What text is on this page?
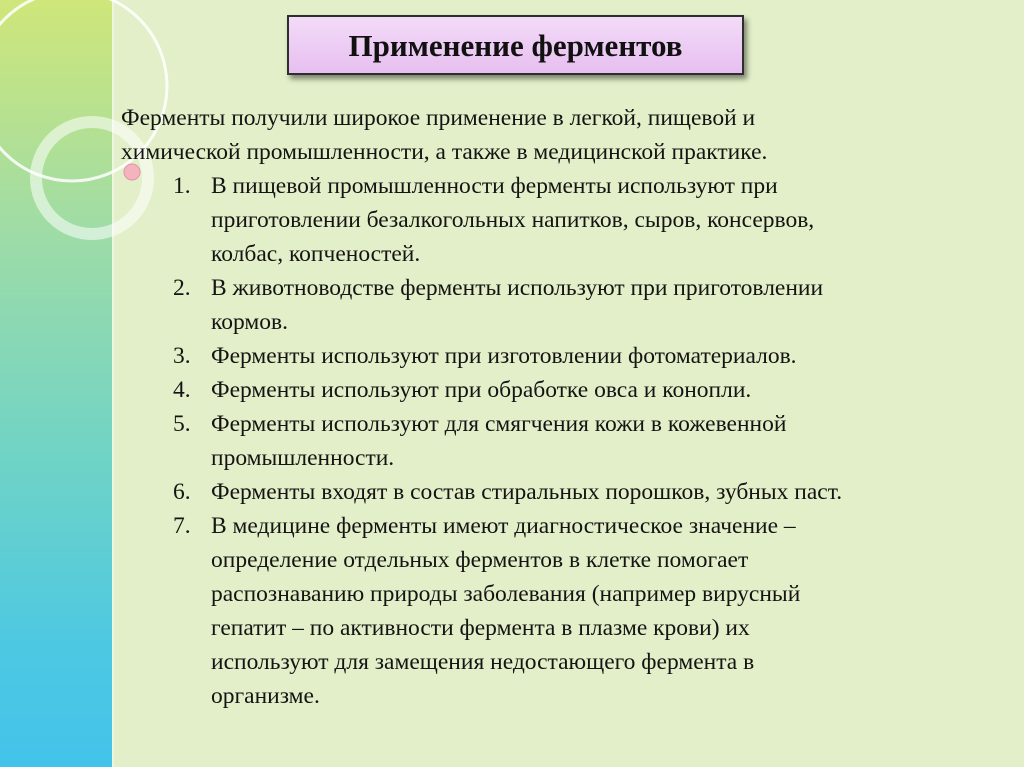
Применение ферментов

Ферменты получили широкое применение в легкой, пищевой и
химической промышленности, а также в медицинской практике.

1. В пищевой промышленности ферменты используют при
приготовлении безалкогольных напитков, сыров, консервов,
колбас, копченостей.
2. В животноводстве ферменты используют при приготовлении
кормов.
3. Ферменты используют при изготовлении фотоматериалов.
4. Ферменты используют при обработке овса и конопли.
5. Ферменты используют для смягчения кожи в кожевенной
промышленности.
6. Ферменты входят в состав стиральных порошков, зубных паст.
7. В медицине ферменты имеют диагностическое значение –
определение отдельных ферментов в клетке помогает
распознаванию природы заболевания (например вирусный
гепатит – по активности фермента в плазме крови) их
используют для замещения недостающего фермента в
организме.
